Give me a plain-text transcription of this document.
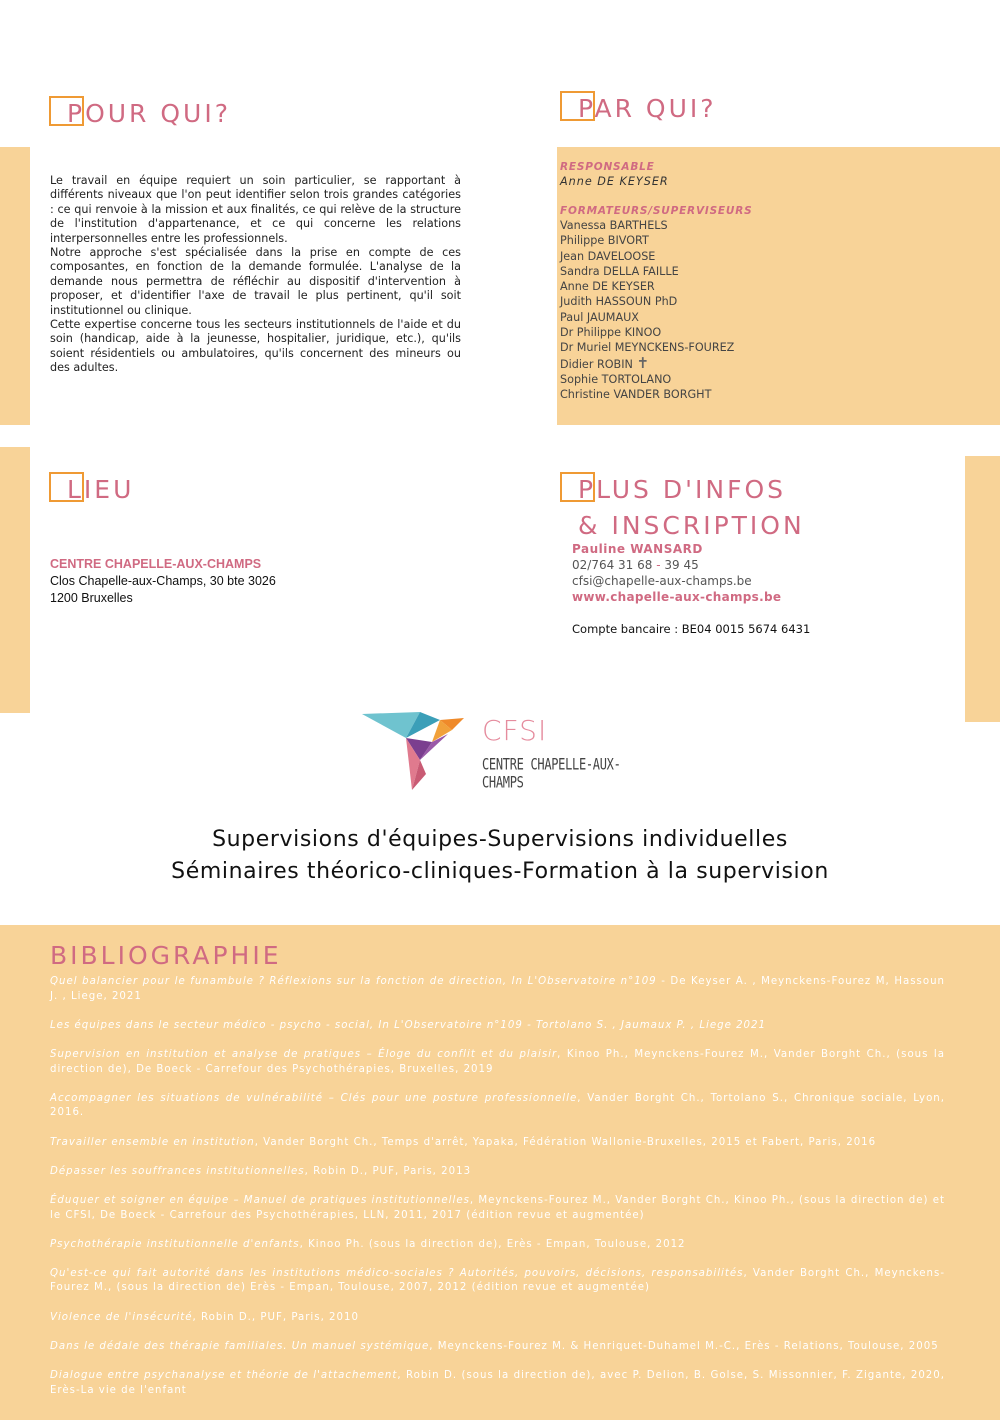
POUR QUI?

Le travail en équipe requiert un soin particulier, se rapportant à différents niveaux que l'on peut identifier selon trois grandes catégories : ce qui renvoie à la mission et aux finalités, ce qui relève de la structure de l'institution d'appartenance, et ce qui concerne les relations interpersonnelles entre les professionnels.

Notre approche s'est spécialisée dans la prise en compte de ces composantes, en fonction de la demande formulée. L'analyse de la demande nous permettra de réfléchir au dispositif d'intervention à proposer, et d'identifier l'axe de travail le plus pertinent, qu'il soit institutionnel ou clinique.

Cette expertise concerne tous les secteurs institutionnels de l'aide et du soin (handicap, aide à la jeunesse, hospitalier, juridique, etc.), qu'ils soient résidentiels ou ambulatoires, qu'ils concernent des mineurs ou des adultes.

PAR QUI?
RESPONSABLE
Anne DE KEYSER
FORMATEURS/SUPERVISEURS
Vanessa BARTHELS
Philippe BIVORT
Jean DAVELOOSE
Sandra DELLA FAILLE
Anne DE KEYSER
Judith HASSOUN PhD
Paul JAUMAUX
Dr Philippe KINOO
Dr Muriel MEYNCKENS-FOUREZ
Didier ROBIN ✝
Sophie TORTOLANO
Christine VANDER BORGHT
LIEU
CENTRE CHAPELLE-AUX-CHAMPS
Clos Chapelle-aux-Champs, 30 bte 3026
1200 Bruxelles
PLUS D'INFOS
& INSCRIPTION
Pauline WANSARD
02/764 31 68 - 39 45
cfsi@chapelle-aux-champs.be
www.chapelle-aux-champs.be
Compte bancaire : BE04 0015 5674 6431
CFSI
CENTRE CHAPELLE-AUX-CHAMPS
Supervisions d'équipes-Supervisions individuelles
Séminaires théorico-cliniques-Formation à la supervision
BIBLIOGRAPHIE
Quel balancier pour le funambule ? Réflexions sur la fonction de direction, In L'Observatoire n°109 - De Keyser A. , Meynckens-Fourez M, Hassoun J. , Liege, 2021
Les équipes dans le secteur médico - psycho - social, In L'Observatoire n°109 - Tortolano S. , Jaumaux P. , Liege 2021
Supervision en institution et analyse de pratiques – Éloge du conflit et du plaisir, Kinoo Ph., Meynckens-Fourez M., Vander Borght Ch., (sous la direction de), De Boeck - Carrefour des Psychothérapies, Bruxelles, 2019
Accompagner les situations de vulnérabilité – Clés pour une posture professionnelle, Vander Borght Ch., Tortolano S., Chronique sociale, Lyon, 2016.
Travailler ensemble en institution, Vander Borght Ch., Temps d'arrêt, Yapaka, Fédération Wallonie-Bruxelles, 2015 et Fabert, Paris, 2016
Dépasser les souffrances institutionnelles, Robin D., PUF, Paris, 2013
Éduquer et soigner en équipe – Manuel de pratiques institutionnelles, Meynckens-Fourez M., Vander Borght Ch., Kinoo Ph., (sous la direction de) et le CFSI, De Boeck - Carrefour des Psychothérapies, LLN, 2011, 2017 (édition revue et augmentée)
Psychothérapie institutionnelle d'enfants, Kinoo Ph. (sous la direction de), Erès - Empan, Toulouse, 2012
Qu'est-ce qui fait autorité dans les institutions médico-sociales ? Autorités, pouvoirs, décisions, responsabilités, Vander Borght Ch., Meynckens-Fourez M., (sous la direction de) Erès - Empan, Toulouse, 2007, 2012 (édition revue et augmentée)
Violence de l'insécurité, Robin D., PUF, Paris, 2010
Dans le dédale des thérapie familiales. Un manuel systémique, Meynckens-Fourez M. & Henriquet-Duhamel M.-C., Erès - Relations, Toulouse, 2005
Dialogue entre psychanalyse et théorie de l'attachement, Robin D. (sous la direction de), avec P. Delion, B. Golse, S. Missonnier, F. Zigante, 2020, Erès-La vie de l'enfant
